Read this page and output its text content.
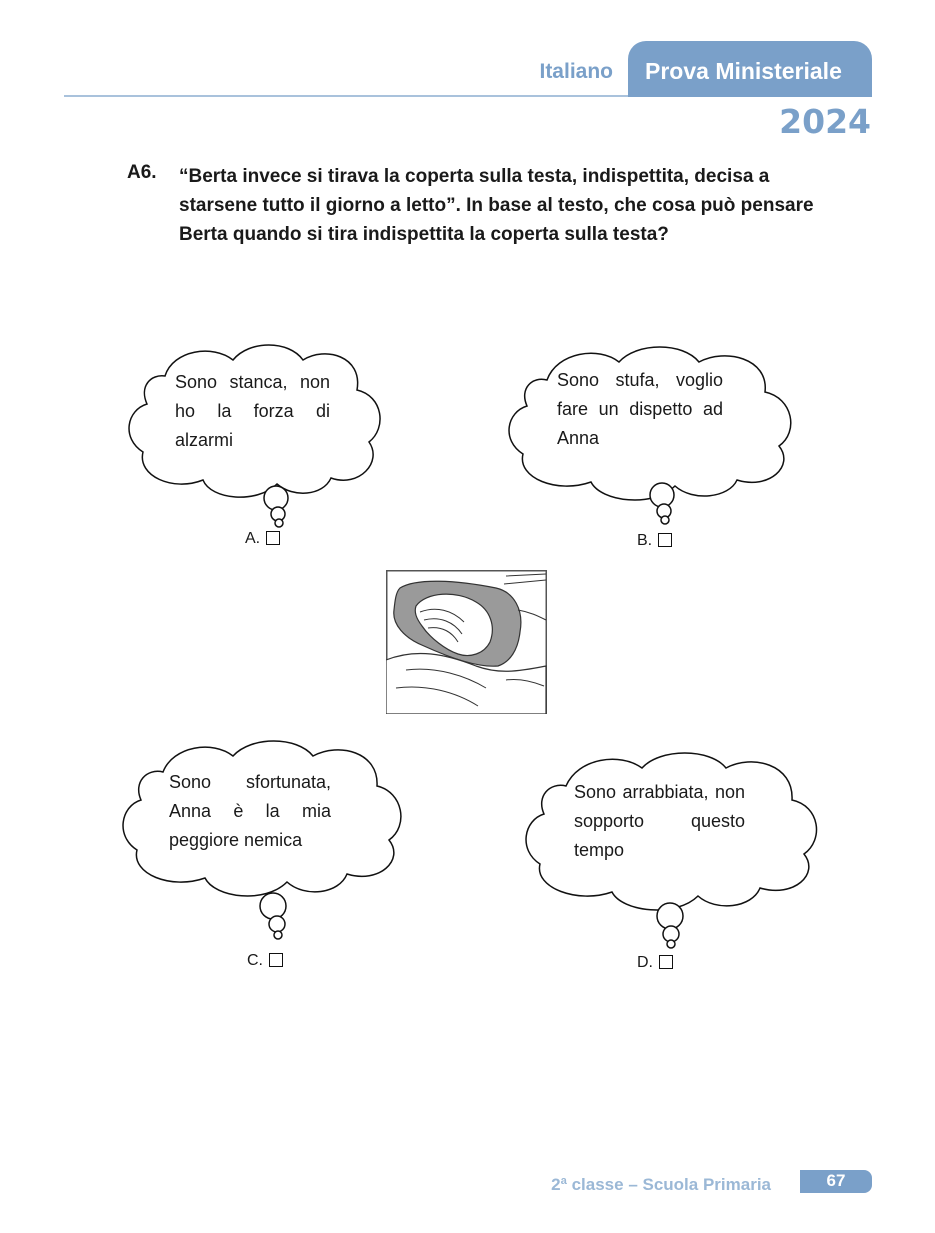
Italiano Prova Ministeriale
2024
A6. “Berta invece si tirava la coperta sulla testa, indispettita, decisa a starsene tutto il giorno a letto”. In base al testo, che cosa può pensare Berta quando si tira indispettita la coperta sulla testa?
Sono stanca, non ho la forza di alzarmi
A.
Sono stufa, voglio fare un dispetto ad Anna
B.
Sono sfortunata, Anna è la mia peggiore nemica
C.
Sono arrabbiata, non sopporto questo tempo
D.
2ª classe – Scuola Primaria	67
